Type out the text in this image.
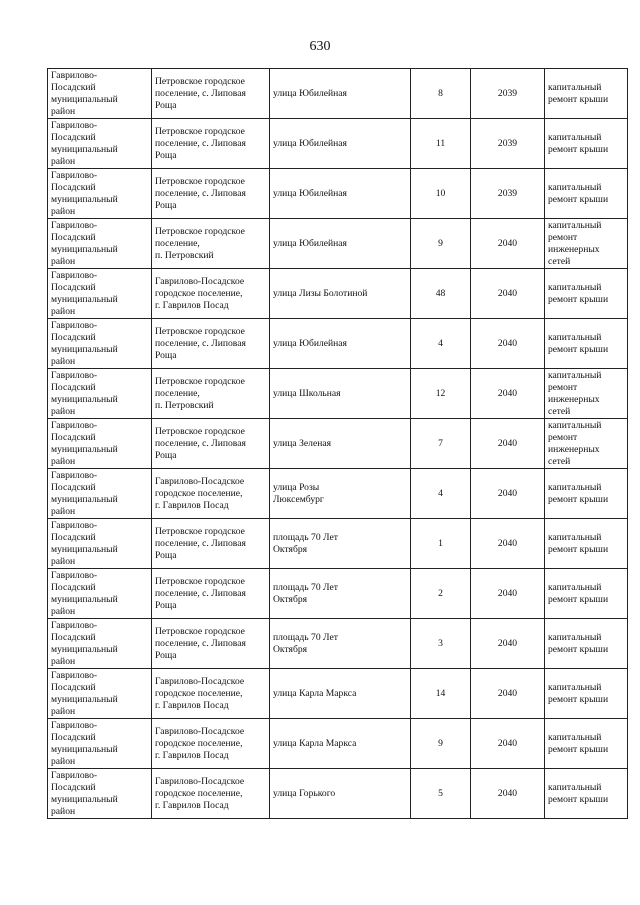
630
Гаврилово-
Посадский
муниципальный
район	Петровское городское
поселение, с. Липовая
Роща	улица Юбилейная	8	2039	капитальный
ремонт крыши

Гаврилово-
Посадский
муниципальный
район	Петровское городское
поселение, с. Липовая
Роща	улица Юбилейная	11	2039	капитальный
ремонт крыши

Гаврилово-
Посадский
муниципальный
район	Петровское городское
поселение, с. Липовая
Роща	улица Юбилейная	10	2039	капитальный
ремонт крыши

Гаврилово-
Посадский
муниципальный
район	Петровское городское
поселение,
п. Петровский	улица Юбилейная	9	2040	капитальный
ремонт
инженерных
сетей

Гаврилово-
Посадский
муниципальный
район	Гаврилово-Посадское
городское поселение,
г. Гаврилов Посад	улица Лизы Болотиной	48	2040	капитальный
ремонт крыши

Гаврилово-
Посадский
муниципальный
район	Петровское городское
поселение, с. Липовая
Роща	улица Юбилейная	4	2040	капитальный
ремонт крыши

Гаврилово-
Посадский
муниципальный
район	Петровское городское
поселение,
п. Петровский	улица Школьная	12	2040	капитальный
ремонт
инженерных
сетей

Гаврилово-
Посадский
муниципальный
район	Петровское городское
поселение, с. Липовая
Роща	улица Зеленая	7	2040	капитальный
ремонт
инженерных
сетей

Гаврилово-
Посадский
муниципальный
район	Гаврилово-Посадское
городское поселение,
г. Гаврилов Посад	улица Розы
Люксембург	4	2040	капитальный
ремонт крыши

Гаврилово-
Посадский
муниципальный
район	Петровское городское
поселение, с. Липовая
Роща	площадь 70 Лет
Октября	1	2040	капитальный
ремонт крыши

Гаврилово-
Посадский
муниципальный
район	Петровское городское
поселение, с. Липовая
Роща	площадь 70 Лет
Октября	2	2040	капитальный
ремонт крыши

Гаврилово-
Посадский
муниципальный
район	Петровское городское
поселение, с. Липовая
Роща	площадь 70 Лет
Октября	3	2040	капитальный
ремонт крыши

Гаврилово-
Посадский
муниципальный
район	Гаврилово-Посадское
городское поселение,
г. Гаврилов Посад	улица Карла Маркса	14	2040	капитальный
ремонт крыши

Гаврилово-
Посадский
муниципальный
район	Гаврилово-Посадское
городское поселение,
г. Гаврилов Посад	улица Карла Маркса	9	2040	капитальный
ремонт крыши

Гаврилово-
Посадский
муниципальный
район	Гаврилово-Посадское
городское поселение,
г. Гаврилов Посад	улица Горького	5	2040	капитальный
ремонт крыши
